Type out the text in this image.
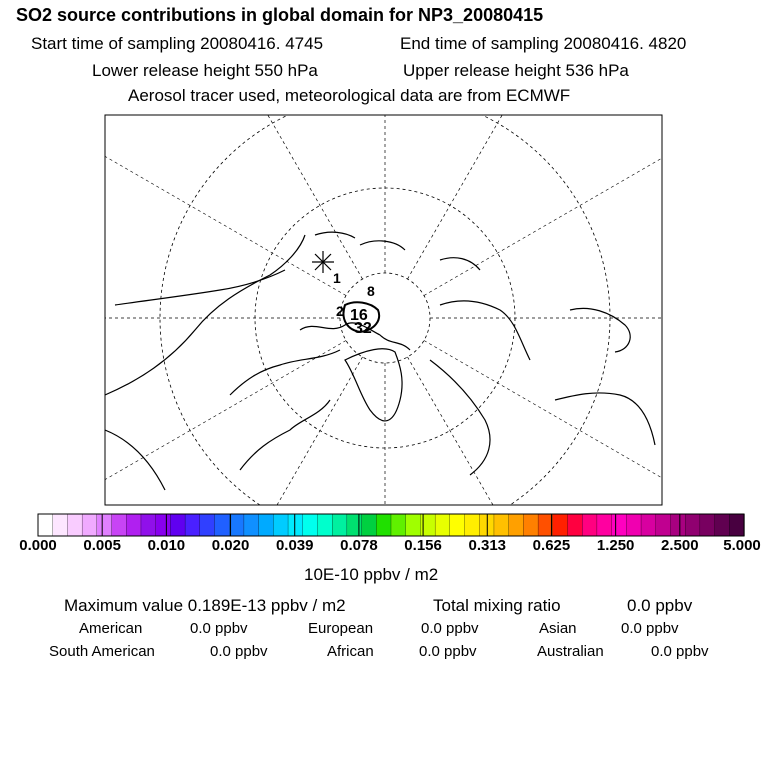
SO2 source contributions in global domain for NP3_20080415
Start time of sampling 20080416. 4745	End time of sampling 20080416. 4820
Lower release height 550 hPa	Upper release height 536 hPa
Aerosol tracer used, meteorological data are from ECMWF
1
2
8
16
32
0.000 0.005 0.010 0.020 0.039 0.078 0.156 0.313 0.625 1.250 2.500 5.000
10E-10 ppbv / m2
Maximum value 0.189E-13 ppbv / m2	Total mixing ratio	0.0 ppbv
American	0.0 ppbv	European	0.0 ppbv	Asian	0.0 ppbv
South American	0.0 ppbv	African	0.0 ppbv	Australian	0.0 ppbv
